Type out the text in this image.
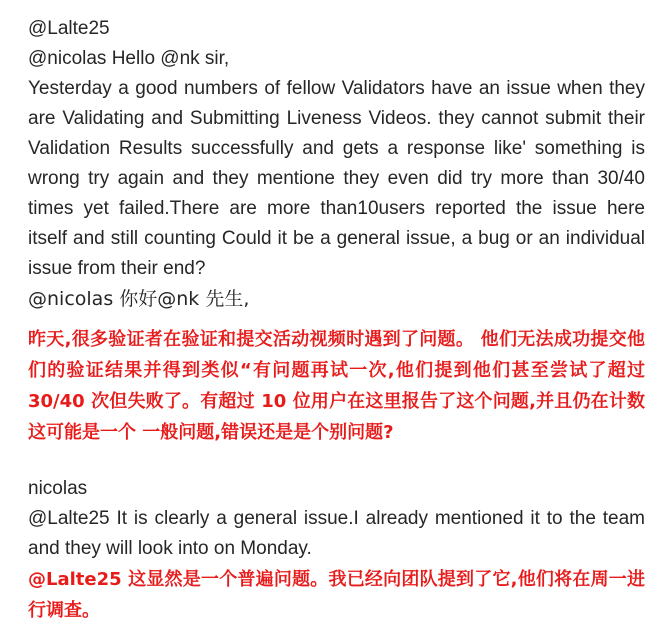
@Lalte25
@nicolas Hello @nk sir,
Yesterday a good numbers of fellow Validators have an issue when they are Validating and Submitting Liveness Videos. they cannot submit their Validation Results successfully and gets a response like' something is wrong try again and they mentione they even did try more than 30/40 times yet failed.There are more than10users reported the issue here itself and still counting Could it be a general issue, a bug or an individual issue from their end?
@nicolas 你好@nk 先生,
昨天,很多验证者在验证和提交活动视频时遇到了问题。 他们无法成功提交他们的验证结果并得到类似“有问题再试一次,他们提到他们甚至尝试了超过 30/40 次但失败了。有超过 10 位用户在这里报告了这个问题,并且仍在计数这可能是一个 一般问题,错误还是是个别问题?
nicolas
@Lalte25 It is clearly a general issue.I already mentioned it to the team and they will look into on Monday.
@Lalte25 这显然是一个普遍问题。我已经向团队提到了它,他们将在周一进行调查。
